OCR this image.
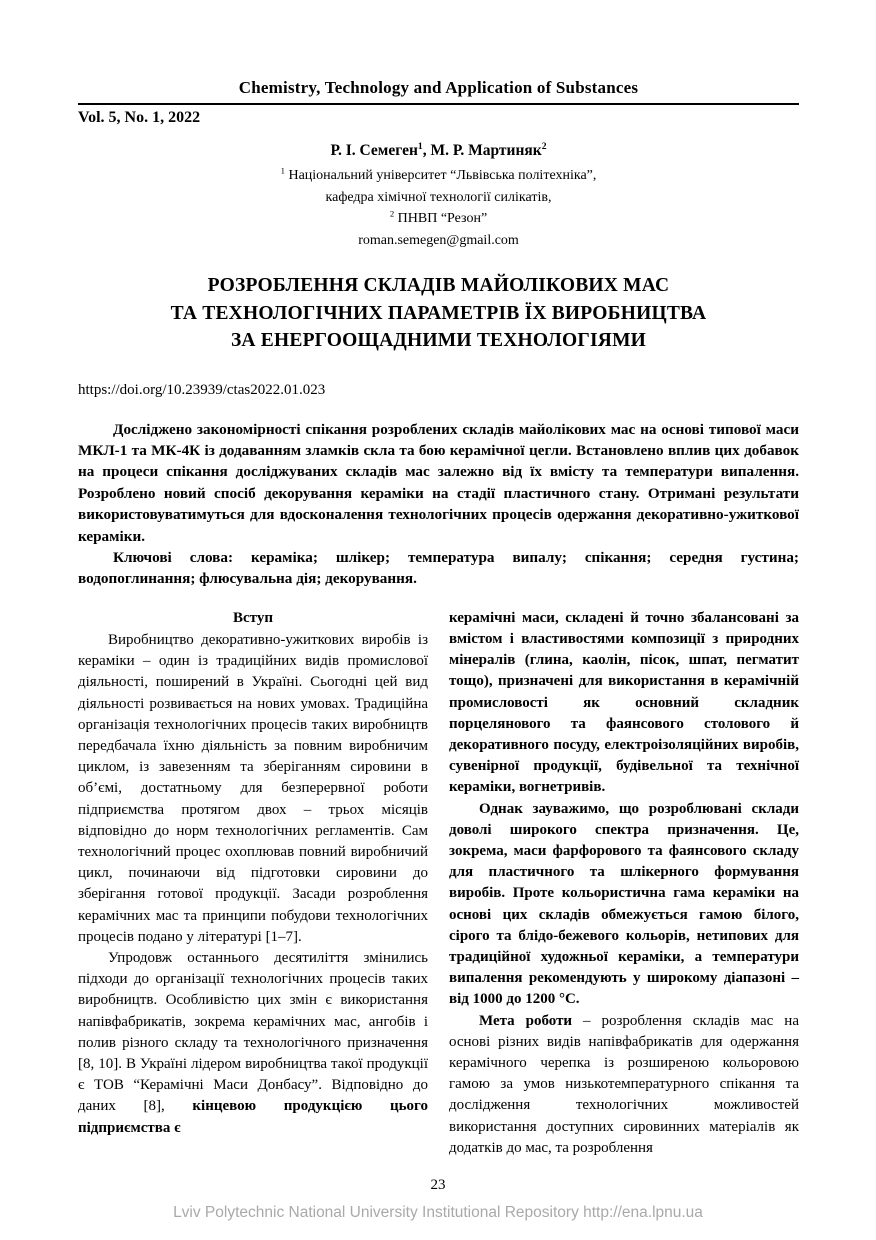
Chemistry, Technology and Application of Substances
Vol. 5, No. 1, 2022
Р. І. Семеген$^1$, М. Р. Мартиняк$^2$

$^1$ Національний університет “Львівська політехніка”,

кафедра хімічної технології силікатів,

$^2$ ПНВП “Резон”

roman.semegen@gmail.com

РОЗРОБЛЕННЯ СКЛАДІВ МАЙОЛІКОВИХ МАС
ТА ТЕХНОЛОГІЧНИХ ПАРАМЕТРІВ ЇХ ВИРОБНИЦТВА
ЗА ЕНЕРГООЩАДНИМИ ТЕХНОЛОГІЯМИ
https://doi.org/10.23939/ctas2022.01.023

Досліджено закономірності спікання розроблених складів майолікових мас на основі типової маси МКЛ-1 та МК-4К із додаванням зламків скла та бою керамічної цегли. Встановлено вплив цих добавок на процеси спікання досліджуваних складів мас залежно від їх вмісту та температури випалення. Розроблено новий спосіб декорування кераміки на стадії пластичного стану. Отримані результати використовуватимуться для вдосконалення технологічних процесів одержання декоративно-ужиткової кераміки.

Ключові слова: кераміка; шлікер; температура випалу; спікання; середня густина; водопоглинання; флюсувальна дія; декорування.

Вступ

Виробництво декоративно-ужиткових виробів із кераміки – один із традиційних видів промислової діяльності, поширений в Україні. Сьогодні цей вид діяльності розвивається на нових умовах. Традиційна організація технологічних процесів таких виробництв передбачала їхню діяльність за повним виробничим циклом, із завезенням та зберіганням сировини в об’ємі, достатньому для безперервної роботи підприємства протягом двох – трьох місяців відповідно до норм технологічних регламентів. Сам технологічний процес охоплював повний виробничий цикл, починаючи від підготовки сировини до зберігання готової продукції. Засади розроблення керамічних мас та принципи побудови технологічних процесів подано у літературі [1–7].

Упродовж останнього десятиліття змінились підходи до організації технологічних процесів таких виробництв. Особливістю цих змін є використання напівфабрикатів, зокрема керамічних мас, ангобів і полив різного складу та технологічного призначення [8, 10]. В Україні лідером виробництва такої продукції є ТОВ “Керамічні Маси Донбасу”. Відповідно до даних [8], кінцевою продукцією цього підприємства є

керамічні маси, складені й точно збалансовані за вмістом і властивостями композиції з природних мінералів (глина, каолін, пісок, шпат, пегматит тощо), призначені для використання в керамічній промисловості як основний складник порцелянового та фаянсового столового й декоративного посуду, електроізоляційних виробів, сувенірної продукції, будівельної та технічної кераміки, вогнетривів.

Однак зауважимо, що розроблювані склади доволі широкого спектра призначення. Це, зокрема, маси фарфорового та фаянсового складу для пластичного та шлікерного формування виробів. Проте кольористична гама кераміки на основі цих складів обмежується гамою білого, сірого та блідо-бежевого кольорів, нетипових для традиційної художньої кераміки, а температури випалення рекомендують у широкому діапазоні – від 1000 до 1200 °С.

Мета роботи – розроблення складів мас на основі різних видів напівфабрикатів для одержання керамічного черепка із розширеною кольоровою гамою за умов низькотемпературного спікання та дослідження технологічних можливостей використання доступних сировинних матеріалів як додатків до мас, та розроблення

23
Lviv Polytechnic National University Institutional Repository http://ena.lpnu.ua
